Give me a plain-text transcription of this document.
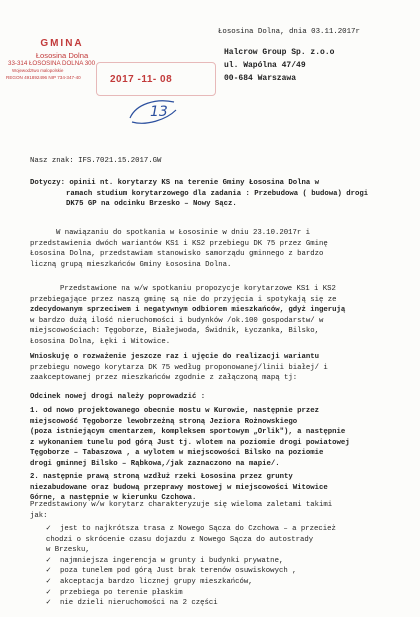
GMINA
Łososina Dolna
33-314 ŁOSOSINA DOLNA 300
Wojewodztwo malopolskie
REGON 491892496 NIP 734-347-40	2017 -11- 08
13
Łososina Dolna, dnia 03.11.2017r
Halcrow Group Sp. z.o.o
ul. Wapólna 47/49
00-684 Warszawa
Nasz znak: IFS.7021.15.2017.GW
Dotyczy: opinii nt. korytarzy KS na terenie Gminy Łososina Dolna w
ramach studium korytarzowego dla zadania : Przebudowa ( budowa) drogi
DK75 GP na odcinku Brzesko – Nowy Sącz.
W nawiązaniu do spotkania w Łososinie w dniu 23.10.2017r i
przedstawienia dwóch wariantów KS1 i KS2 przebiegu DK 75 przez Gminę
Łososina Dolna, przedstawiam stanowisko samorządu gminnego z bardzo
liczną grupą mieszkańców Gminy Łososina Dolna.
Przedstawione na w/w spotkaniu propozycje korytarzowe KS1 i KS2
przebiegające przez naszą gminę są nie do przyjęcia i spotykają się ze
zdecydowanym sprzeciwem i negatywnym odbiorem mieszkańców, gdyż ingerują
w bardzo dużą ilość nieruchomości i budynków /ok.100 gospodarstw/ w
miejscowościach: Tęgoborze, Białejwoda, Świdnik, Łyczanka, Bilsko,
Łososina Dolna, Łęki i Witowice.
Wnioskuję o rozważenie jeszcze raz i ujęcie do realizacji wariantu
przebiegu nowego korytarza DK 75 według proponowanej/linii białej/ i
zaakceptowanej przez mieszkańców zgodnie z załączoną mapą tj:
Odcinek nowej drogi należy poprowadzić :
1. od nowo projektowanego obecnie mostu w Kurowie, następnie przez
miejscowość Tęgoborze lewobrzeżną stroną Jeziora Rożnowskiego
(poza istniejącym cmentarzem, kompleksem sportowym „Orlik"), a następnie
z wykonaniem tunelu pod górą Just tj. wlotem na poziomie drogi powiatowej
Tęgoborze – Tabaszowa , a wylotem w miejscowości Bilsko na poziomie
drogi gminnej Bilsko – Rąbkowa,/jak zaznaczono na mapie/.
2. następnie prawą stroną wzdłuż rzeki Łososina przez grunty
niezabudowane oraz budową przeprawy mostowej w miejscowości Witowice
Górne, a następnie w kierunku Czchowa.
Przedstawiony w/w korytarz charakteryzuje się wieloma zaletami takimi
jak:
✓ jest to najkrótsza trasa z Nowego Sącza do Czchowa – a przecież
chodzi o skrócenie czasu dojazdu z Nowego Sącza do autostrady
w Brzesku,
✓ najmniejsza ingerencja w grunty i budynki prywatne,
✓ poza tunelem pod górą Just brak terenów osuwiskowych ,
✓ akceptacja bardzo licznej grupy mieszkańców,
✓ przebiega po terenie płaskim
✓ nie dzieli nieruchomości na 2 części
